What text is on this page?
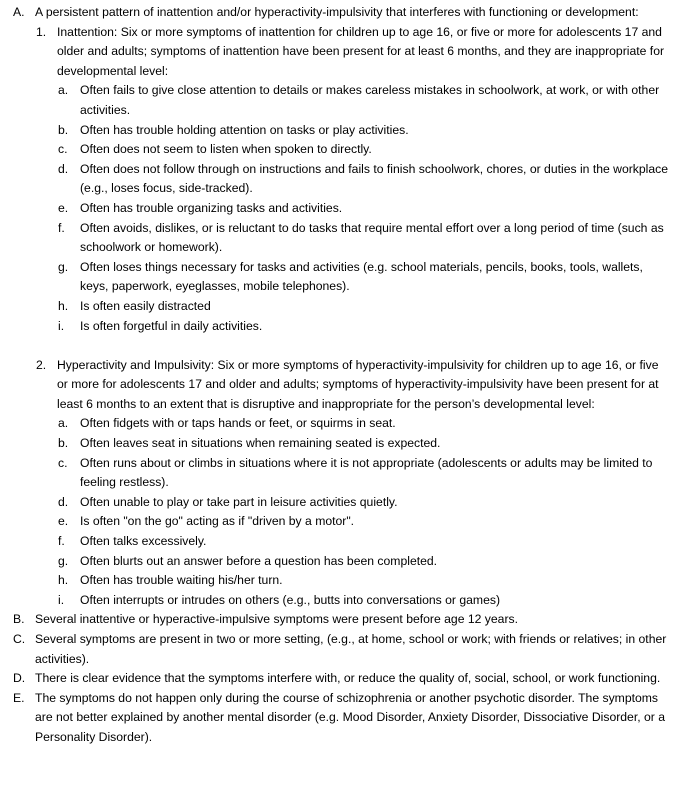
A. A persistent pattern of inattention and/or hyperactivity-impulsivity that interferes with functioning or development:
1. Inattention: Six or more symptoms of inattention for children up to age 16, or five or more for adolescents 17 and older and adults; symptoms of inattention have been present for at least 6 months, and they are inappropriate for developmental level:
a. Often fails to give close attention to details or makes careless mistakes in schoolwork, at work, or with other activities.
b. Often has trouble holding attention on tasks or play activities.
c. Often does not seem to listen when spoken to directly.
d. Often does not follow through on instructions and fails to finish schoolwork, chores, or duties in the workplace (e.g., loses focus, side-tracked).
e. Often has trouble organizing tasks and activities.
f. Often avoids, dislikes, or is reluctant to do tasks that require mental effort over a long period of time (such as schoolwork or homework).
g. Often loses things necessary for tasks and activities (e.g. school materials, pencils, books, tools, wallets, keys, paperwork, eyeglasses, mobile telephones).
h. Is often easily distracted
i. Is often forgetful in daily activities.
2. Hyperactivity and Impulsivity: Six or more symptoms of hyperactivity-impulsivity for children up to age 16, or five or more for adolescents 17 and older and adults; symptoms of hyperactivity-impulsivity have been present for at least 6 months to an extent that is disruptive and inappropriate for the person’s developmental level:
a. Often fidgets with or taps hands or feet, or squirms in seat.
b. Often leaves seat in situations when remaining seated is expected.
c. Often runs about or climbs in situations where it is not appropriate (adolescents or adults may be limited to feeling restless).
d. Often unable to play or take part in leisure activities quietly.
e. Is often "on the go" acting as if "driven by a motor".
f. Often talks excessively.
g. Often blurts out an answer before a question has been completed.
h. Often has trouble waiting his/her turn.
i. Often interrupts or intrudes on others (e.g., butts into conversations or games)
B. Several inattentive or hyperactive-impulsive symptoms were present before age 12 years.
C. Several symptoms are present in two or more setting, (e.g., at home, school or work; with friends or relatives; in other activities).
D. There is clear evidence that the symptoms interfere with, or reduce the quality of, social, school, or work functioning.
E. The symptoms do not happen only during the course of schizophrenia or another psychotic disorder. The symptoms are not better explained by another mental disorder (e.g. Mood Disorder, Anxiety Disorder, Dissociative Disorder, or a Personality Disorder).
